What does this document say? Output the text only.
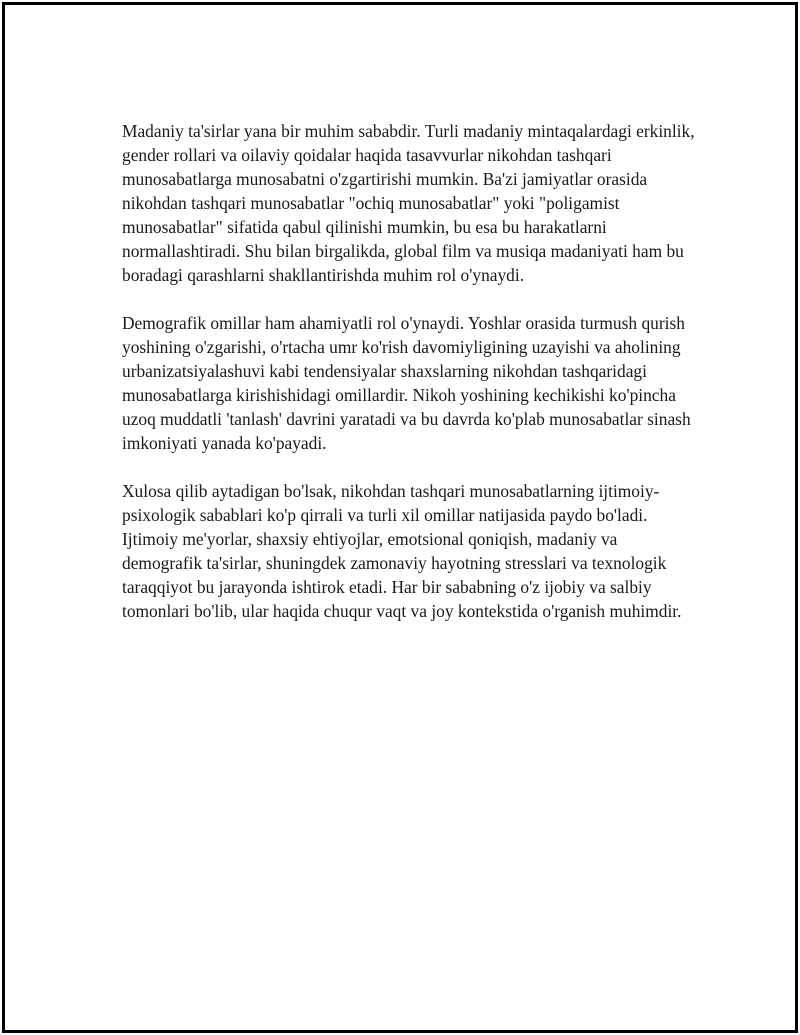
Madaniy ta'sirlar yana bir muhim sababdir. Turli madaniy mintaqalardagi erkinlik, gender rollari va oilaviy qoidalar haqida tasavvurlar nikohdan tashqari munosabatlarga munosabatni o'zgartirishi mumkin. Ba'zi jamiyatlar orasida nikohdan tashqari munosabatlar "ochiq munosabatlar" yoki "poligamist munosabatlar" sifatida qabul qilinishi mumkin, bu esa bu harakatlarni normallashtiradi. Shu bilan birgalikda, global film va musiqa madaniyati ham bu boradagi qarashlarni shakllantirishda muhim rol o'ynaydi.

Demografik omillar ham ahamiyatli rol o'ynaydi. Yoshlar orasida turmush qurish yoshining o'zgarishi, o'rtacha umr ko'rish davomiyligining uzayishi va aholining urbanizatsiyalashuvi kabi tendensiyalar shaxslarning nikohdan tashqaridagi munosabatlarga kirishishidagi omillardir. Nikoh yoshining kechikishi ko'pincha uzoq muddatli 'tanlash' davrini yaratadi va bu davrda ko'plab munosabatlar sinash imkoniyati yanada ko'payadi.

Xulosa qilib aytadigan bo'lsak, nikohdan tashqari munosabatlarning ijtimoiy-psixologik sabablari ko'p qirrali va turli xil omillar natijasida paydo bo'ladi. Ijtimoiy me'yorlar, shaxsiy ehtiyojlar, emotsional qoniqish, madaniy va demografik ta'sirlar, shuningdek zamonaviy hayotning stresslari va texnologik taraqqiyot bu jarayonda ishtirok etadi. Har bir sababning o'z ijobiy va salbiy tomonlari bo'lib, ular haqida chuqur vaqt va joy kontekstida o'rganish muhimdir.
